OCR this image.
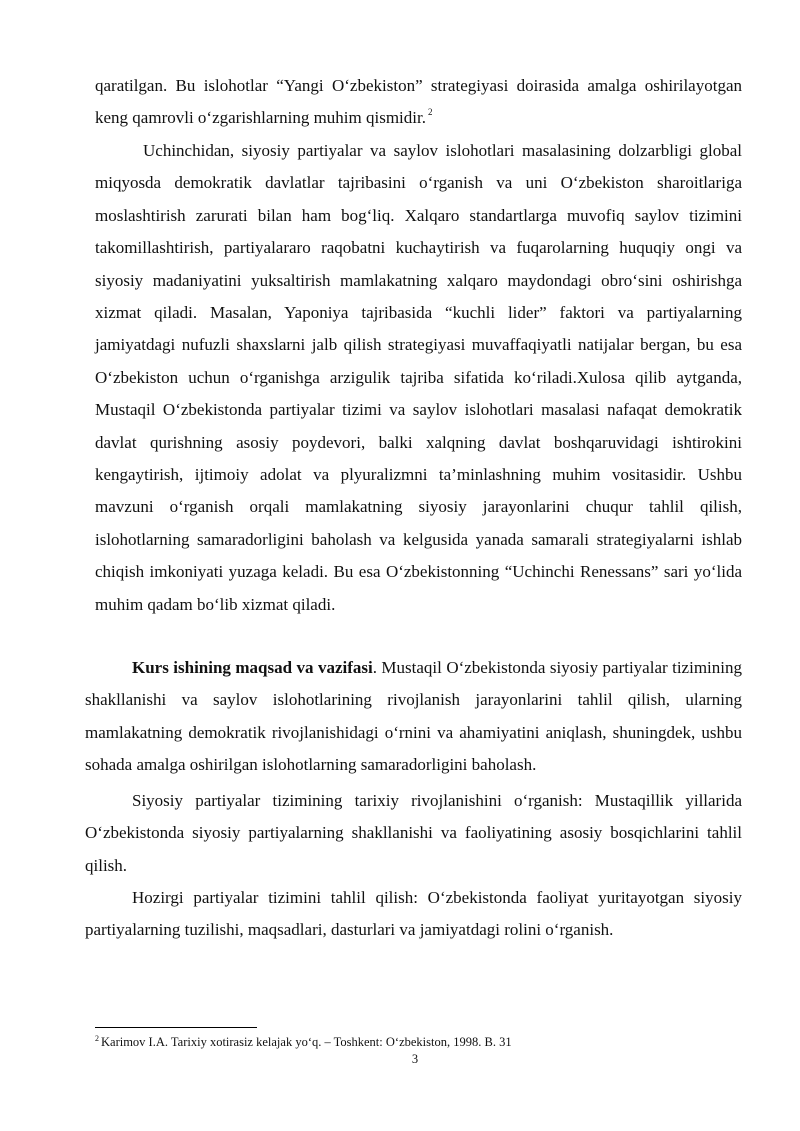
qaratilgan. Bu islohotlar “Yangi O‘zbekiston” strategiyasi doirasida amalga oshirilayotgan keng qamrovli o‘zgarishlarning muhim qismidir. $^2$

Uchinchidan, siyosiy partiyalar va saylov islohotlari masalasining dolzarbligi global miqyosda demokratik davlatlar tajribasini o‘rganish va uni O‘zbekiston sharoitlariga moslashtirish zarurati bilan ham bog‘liq. Xalqaro standartlarga muvofiq saylov tizimini takomillashtirish, partiyalararo raqobatni kuchaytirish va fuqarolarning huquqiy ongi va siyosiy madaniyatini yuksaltirish mamlakatning xalqaro maydondagi obro‘sini oshirishga xizmat qiladi. Masalan, Yaponiya tajribasida “kuchli lider” faktori va partiyalarning jamiyatdagi nufuzli shaxslarni jalb qilish strategiyasi muvaffaqiyatli natijalar bergan, bu esa O‘zbekiston uchun o‘rganishga arzigulik tajriba sifatida ko‘riladi.Xulosa qilib aytganda, Mustaqil O‘zbekistonda partiyalar tizimi va saylov islohotlari masalasi nafaqat demokratik davlat qurishning asosiy poydevori, balki xalqning davlat boshqaruvidagi ishtirokini kengaytirish, ijtimoiy adolat va plyuralizmni ta’minlashning muhim vositasidir. Ushbu mavzuni o‘rganish orqali mamlakatning siyosiy jarayonlarini chuqur tahlil qilish, islohotlarning samaradorligini baholash va kelgusida yanada samarali strategiyalarni ishlab chiqish imkoniyati yuzaga keladi. Bu esa O‘zbekistonning “Uchinchi Renessans” sari yo‘lida muhim qadam bo‘lib xizmat qiladi.

Kurs ishining maqsad va vazifasi. Mustaqil O‘zbekistonda siyosiy partiyalar tizimining shakllanishi va saylov islohotlarining rivojlanish jarayonlarini tahlil qilish, ularning mamlakatning demokratik rivojlanishidagi o‘rnini va ahamiyatini aniqlash, shuningdek, ushbu sohada amalga oshirilgan islohotlarning samaradorligini baholash.

Siyosiy partiyalar tizimining tarixiy rivojlanishini o‘rganish: Mustaqillik yillarida O‘zbekistonda siyosiy partiyalarning shakllanishi va faoliyatining asosiy bosqichlarini tahlil qilish.

Hozirgi partiyalar tizimini tahlil qilish: O‘zbekistonda faoliyat yuritayotgan siyosiy partiyalarning tuzilishi, maqsadlari, dasturlari va jamiyatdagi rolini o‘rganish.

$^2$ Karimov I.A. Tarixiy xotirasiz kelajak yo‘q. – Toshkent: O‘zbekiston, 1998. B. 31
3
